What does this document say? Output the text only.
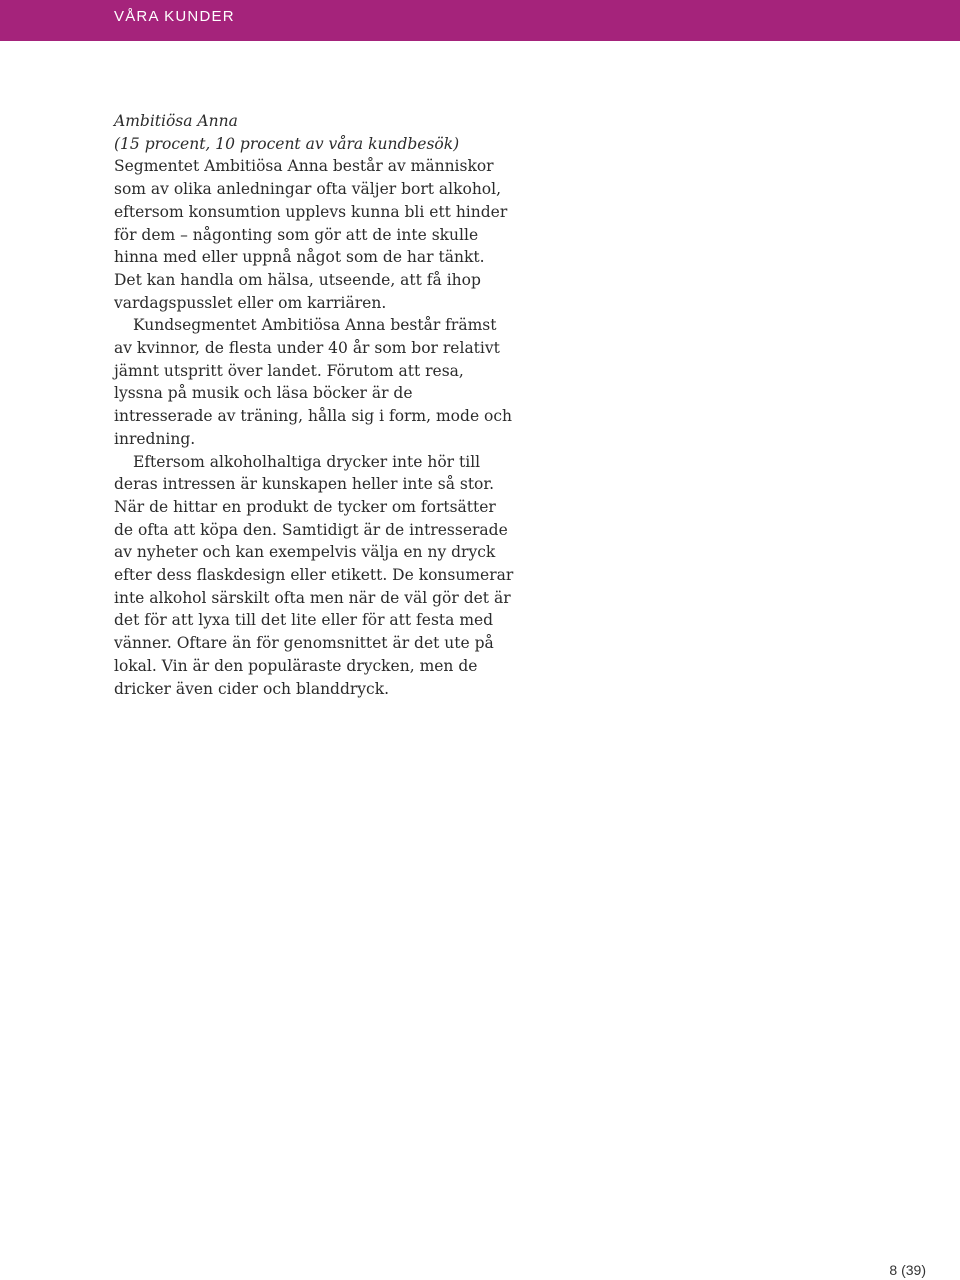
VÅRA KUNDER

Ambitiösa Anna

(15 procent, 10 procent av våra kundbesök)

Segmentet Ambitiösa Anna består av människor som av olika anledningar ofta väljer bort alkohol, eftersom konsumtion upplevs kunna bli ett hinder för dem – någonting som gör att de inte skulle hinna med eller uppnå något som de har tänkt. Det kan handla om hälsa, utseende, att få ihop vardagspusslet eller om karriären.

Kundsegmentet Ambitiösa Anna består främst av kvinnor, de flesta under 40 år som bor relativt jämnt utspritt över landet. Förutom att resa, lyssna på musik och läsa böcker är de intresserade av träning, hålla sig i form, mode och inredning.

Eftersom alkoholhaltiga drycker inte hör till deras intressen är kunskapen heller inte så stor. När de hittar en produkt de tycker om fortsätter de ofta att köpa den. Samtidigt är de intresserade av nyheter och kan exempelvis välja en ny dryck efter dess flaskdesign eller etikett. De konsumerar inte alkohol särskilt ofta men när de väl gör det är det för att lyxa till det lite eller för att festa med vänner. Oftare än för genomsnittet är det ute på lokal. Vin är den populäraste drycken, men de dricker även cider och blanddryck.

8 (39)
